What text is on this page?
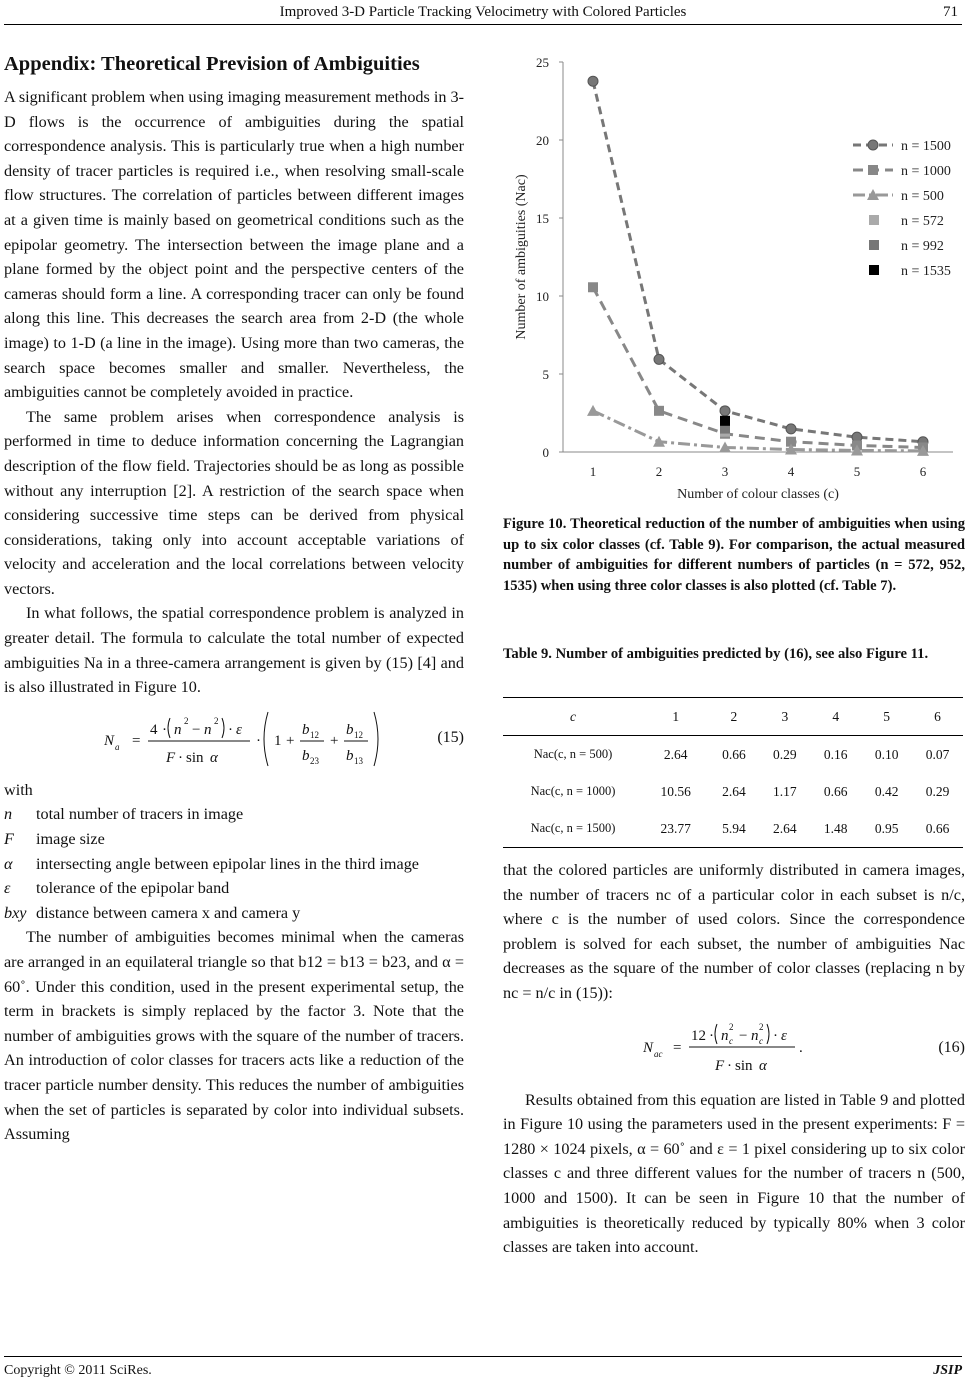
Improved 3-D Particle Tracking Velocimetry with Colored Particles	71
Appendix: Theoretical Prevision of Ambiguities

A significant problem when using imaging measurement methods in 3-D flows is the occurrence of ambiguities during the spatial correspondence analysis. This is particularly true when a high number density of tracer particles is required i.e., when resolving small-scale flow structures. The correlation of particles between different images at a given time is mainly based on geometrical conditions such as the epipolar geometry. The intersection between the image plane and a plane formed by the object point and the perspective centers of the cameras should form a line. A corresponding tracer can only be found along this line. This decreases the search area from 2-D (the whole image) to 1-D (a line in the image). Using more than two cameras, the search space becomes smaller and smaller. Nevertheless, the ambiguities cannot be completely avoided in practice.

The same problem arises when correspondence analysis is performed in time to deduce information concerning the Lagrangian description of the flow field. Trajectories should be as long as possible without any interruption [2]. A restriction of the search space when considering successive time steps can be derived from physical considerations, taking only into account acceptable variations of velocity and acceleration and the local correlations between velocity vectors.

In what follows, the spatial correspondence problem is analyzed in greater detail. The formula to calculate the total number of expected ambiguities Na in a three-camera arrangement is given by (15) [4] and is also illustrated in Figure 10.

N a =
4 · n
2
− n
2
· ε
F · sin α
· 1 +
b 12
b 23
+
b 12
b 13
(15)

with

n	total number of tracers in image
F	image size
α	intersecting angle between epipolar lines in the third image
ε	tolerance of the epipolar band
bxy distance between camera x and camera y

The number of ambiguities becomes minimal when the cameras are arranged in an equilateral triangle so that b12 = b13 = b23, and α = 60˚. Under this condition, used in the present experimental setup, the term in brackets is simply replaced by the factor 3. Note that the number of ambiguities grows with the square of the number of tracers. An introduction of color classes for tracers acts like a reduction of the tracer particle number density. This reduces the number of ambiguities when the set of particles is separated by color into individual subsets. Assuming

0
5
10
15
20
25
1	2	3	4	5	6
Number of colour classes (c)
Number of ambiguities (Nac)
n = 1500
n = 1000
n = 500
n = 572
n = 992
n = 1535
Figure 10. Theoretical reduction of the number of ambiguities when using up to six color classes (cf. Table 9). For comparison, the actual measured number of ambiguities for different numbers of particles (n = 572, 952, 1535) when using three color classes is also plotted (cf. Table 7).
Table 9. Number of ambiguities predicted by (16), see also Figure 11.
c	1	2	3	4	5	6
Nac(c, n = 500)	2.64	0.66	0.29	0.16	0.10	0.07
Nac(c, n = 1000)	10.56	2.64	1.17	0.66	0.42	0.29
Nac(c, n = 1500)	23.77	5.94	2.64	1.48	0.95	0.66

that the colored particles are uniformly distributed in camera images, the number of tracers nc of a particular color in each subset is n/c, where c is the number of used colors. Since the correspondence problem is solved for each subset, the number of ambiguities Nac decreases as the square of the number of color classes (replacing n by nc = n/c in (15)):

N ac =
12 · n c
2
− n c
2
· ε
F · sin α
.	(16)

Results obtained from this equation are listed in Table 9 and plotted in Figure 10 using the parameters used in the present experiments: F = 1280 × 1024 pixels, α = 60˚ and ε = 1 pixel considering up to six color classes c and three different values for the number of tracers n (500, 1000 and 1500). It can be seen in Figure 10 that the number of ambiguities is theoretically reduced by typically 80% when 3 color classes are taken into account.

Copyright © 2011 SciRes.	JSIP
